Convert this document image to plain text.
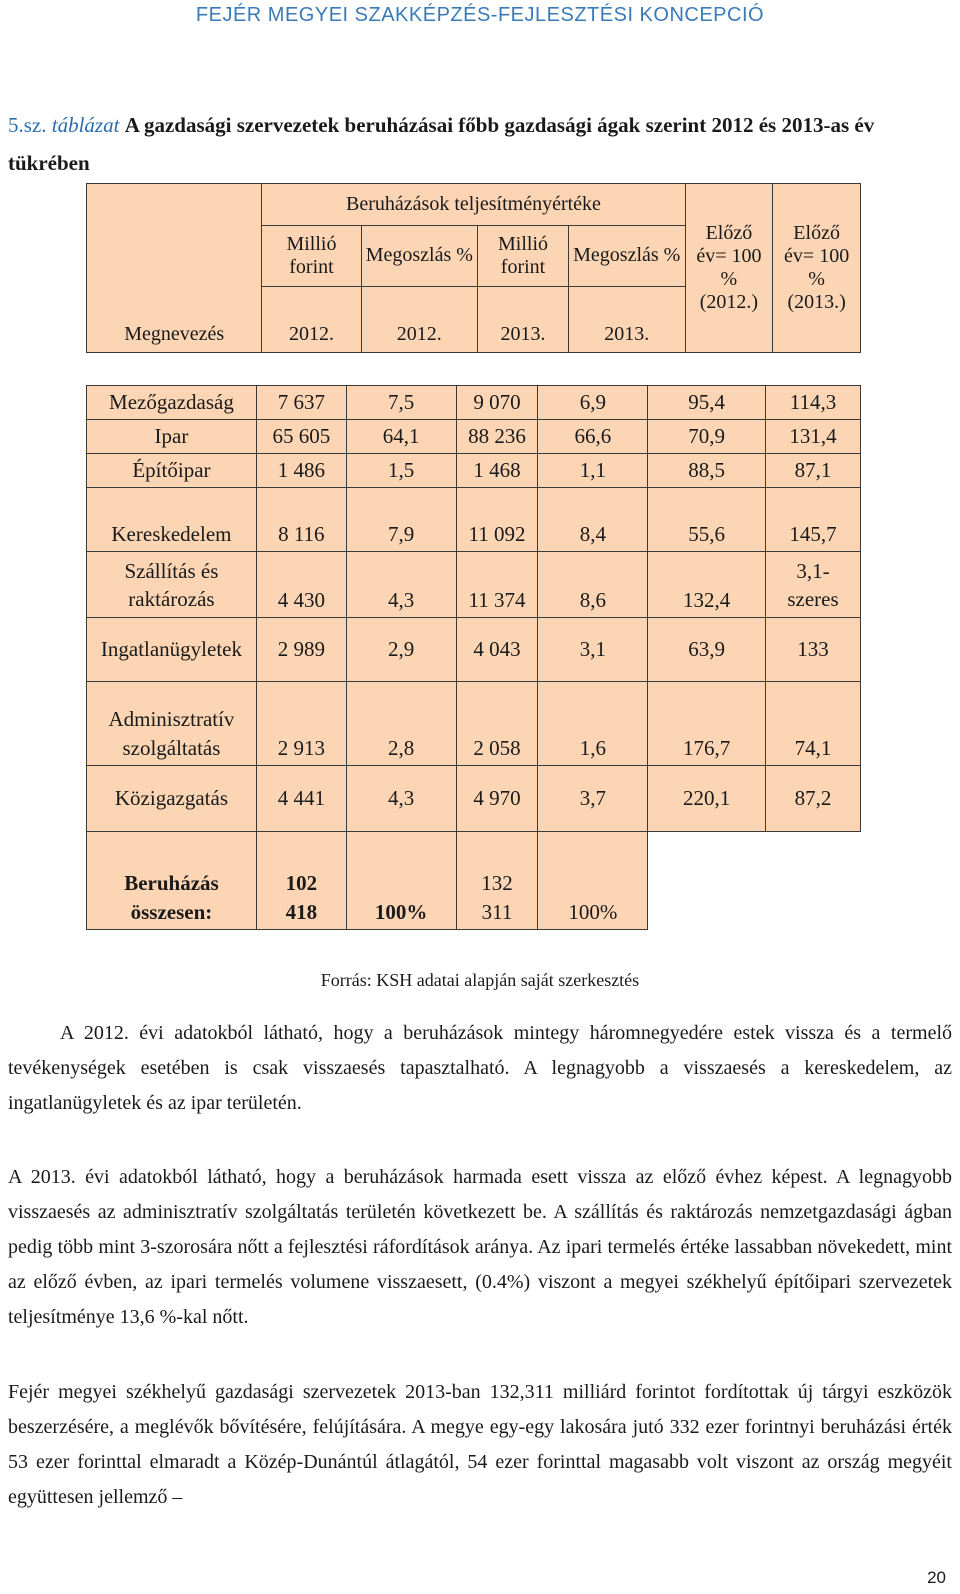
FEJÉR MEGYEI SZAKKÉPZÉS-FEJLESZTÉSI KONCEPCIÓ
5.sz. táblázat A gazdasági szervezetek beruházásai főbb gazdasági ágak szerint 2012 és 2013-as év tükrében
Megnevezés	Beruházások teljesítményértéke				Előző év= 100 % (2012.)	Előző év= 100 % (2013.)
	Millió forint	Megoszlás %	Millió forint	Megoszlás %		
	2012.	2012.	2013.	2013.		
Mezőgazdaság	7 637	7,5	9 070	6,9	95,4	114,3
Ipar	65 605	64,1	88 236	66,6	70,9	131,4
Építőipar	1 486	1,5	1 468	1,1	88,5	87,1
Kereskedelem	8 116	7,9	11 092	8,4	55,6	145,7
Szállítás és raktározás	4 430	4,3	11 374	8,6	132,4	3,1-szeres
Ingatlanügyletek	2 989	2,9	4 043	3,1	63,9	133
Adminisztratív szolgáltatás	2 913	2,8	2 058	1,6	176,7	74,1
Közigazgatás	4 441	4,3	4 970	3,7	220,1	87,2
Beruházás összesen:	102 418	100%	132 311	100%		
Forrás: KSH adatai alapján saját szerkesztés

A 2012. évi adatokból látható, hogy a beruházások mintegy háromnegyedére estek vissza és a termelő tevékenységek esetében is csak visszaesés tapasztalható. A legnagyobb a visszaesés a kereskedelem, az ingatlanügyletek és az ipar területén.

A 2013. évi adatokból látható, hogy a beruházások harmada esett vissza az előző évhez képest. A legnagyobb visszaesés az adminisztratív szolgáltatás területén következett be. A szállítás és raktározás nemzetgazdasági ágban pedig több mint 3-szorosára nőtt a fejlesztési ráfordítások aránya. Az ipari termelés értéke lassabban növekedett, mint az előző évben, az ipari termelés volumene visszaesett, (0.4%) viszont a megyei székhelyű építőipari szervezetek teljesítménye 13,6 %-kal nőtt.

Fejér megyei székhelyű gazdasági szervezetek 2013-ban 132,311 milliárd forintot fordítottak új tárgyi eszközök beszerzésére, a meglévők bővítésére, felújítására. A megye egy-egy lakosára jutó 332 ezer forintnyi beruházási érték 53 ezer forinttal elmaradt a Közép-Dunántúl átlagától, 54 ezer forinttal magasabb volt viszont az ország megyéit együttesen jellemző –

20
